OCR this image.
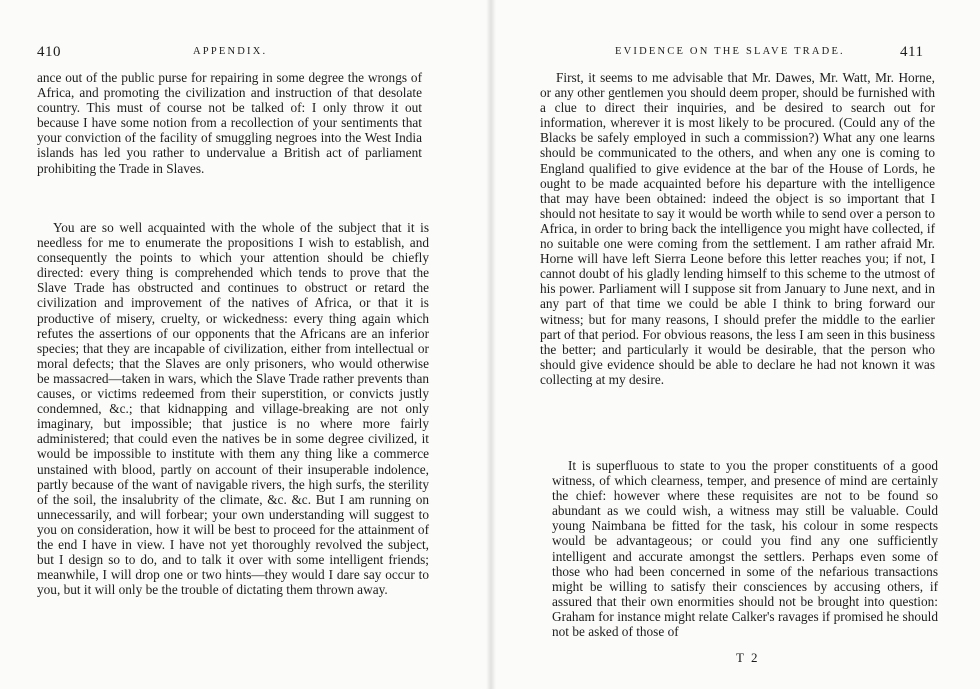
410	APPENDIX.

ance out of the public purse for repairing in some degree the wrongs of Africa, and promoting the civilization and instruction of that desolate country. This must of course not be talked of: I only throw it out because I have some notion from a recollection of your sentiments that your conviction of the facility of smuggling negroes into the West India islands has led you rather to undervalue a British act of parliament prohibiting the Trade in Slaves.

You are so well acquainted with the whole of the subject that it is needless for me to enumerate the propositions I wish to establish, and consequently the points to which your attention should be chiefly directed: every thing is comprehended which tends to prove that the Slave Trade has obstructed and continues to obstruct or retard the civilization and improvement of the natives of Africa, or that it is productive of misery, cruelty, or wickedness: every thing again which refutes the assertions of our opponents that the Africans are an inferior species; that they are incapable of civilization, either from intellectual or moral defects; that the Slaves are only prisoners, who would otherwise be massacred—taken in wars, which the Slave Trade rather prevents than causes, or victims redeemed from their superstition, or convicts justly condemned, &c.; that kidnapping and village-breaking are not only imaginary, but impossible; that justice is no where more fairly administered; that could even the natives be in some degree civilized, it would be impossible to institute with them any thing like a commerce unstained with blood, partly on account of their insuperable indolence, partly because of the want of navigable rivers, the high surfs, the sterility of the soil, the insalubrity of the climate, &c. &c. But I am running on unnecessarily, and will forbear; your own understanding will suggest to you on consideration, how it will be best to proceed for the attainment of the end I have in view. I have not yet thoroughly revolved the subject, but I design so to do, and to talk it over with some intelligent friends; meanwhile, I will drop one or two hints—they would I dare say occur to you, but it will only be the trouble of dictating them thrown away.

EVIDENCE ON THE SLAVE TRADE.	411

First, it seems to me advisable that Mr. Dawes, Mr. Watt, Mr. Horne, or any other gentlemen you should deem proper, should be furnished with a clue to direct their inquiries, and be desired to search out for information, wherever it is most likely to be procured. (Could any of the Blacks be safely employed in such a commission?) What any one learns should be communicated to the others, and when any one is coming to England qualified to give evidence at the bar of the House of Lords, he ought to be made acquainted before his departure with the intelligence that may have been obtained: indeed the object is so important that I should not hesitate to say it would be worth while to send over a person to Africa, in order to bring back the intelligence you might have collected, if no suitable one were coming from the settlement. I am rather afraid Mr. Horne will have left Sierra Leone before this letter reaches you; if not, I cannot doubt of his gladly lending himself to this scheme to the utmost of his power. Parliament will I suppose sit from January to June next, and in any part of that time we could be able I think to bring forward our witness; but for many reasons, I should prefer the middle to the earlier part of that period. For obvious reasons, the less I am seen in this business the better; and particularly it would be desirable, that the person who should give evidence should be able to declare he had not known it was collecting at my desire.

It is superfluous to state to you the proper constituents of a good witness, of which clearness, temper, and presence of mind are certainly the chief: however where these requisites are not to be found so abundant as we could wish, a witness may still be valuable. Could young Naimbana be fitted for the task, his colour in some respects would be advantageous; or could you find any one sufficiently intelligent and accurate amongst the settlers. Perhaps even some of those who had been concerned in some of the nefarious transactions might be willing to satisfy their consciences by accusing others, if assured that their own enormities should not be brought into question: Graham for instance might relate Calker's ravages if promised he should not be asked of those of

T 2
